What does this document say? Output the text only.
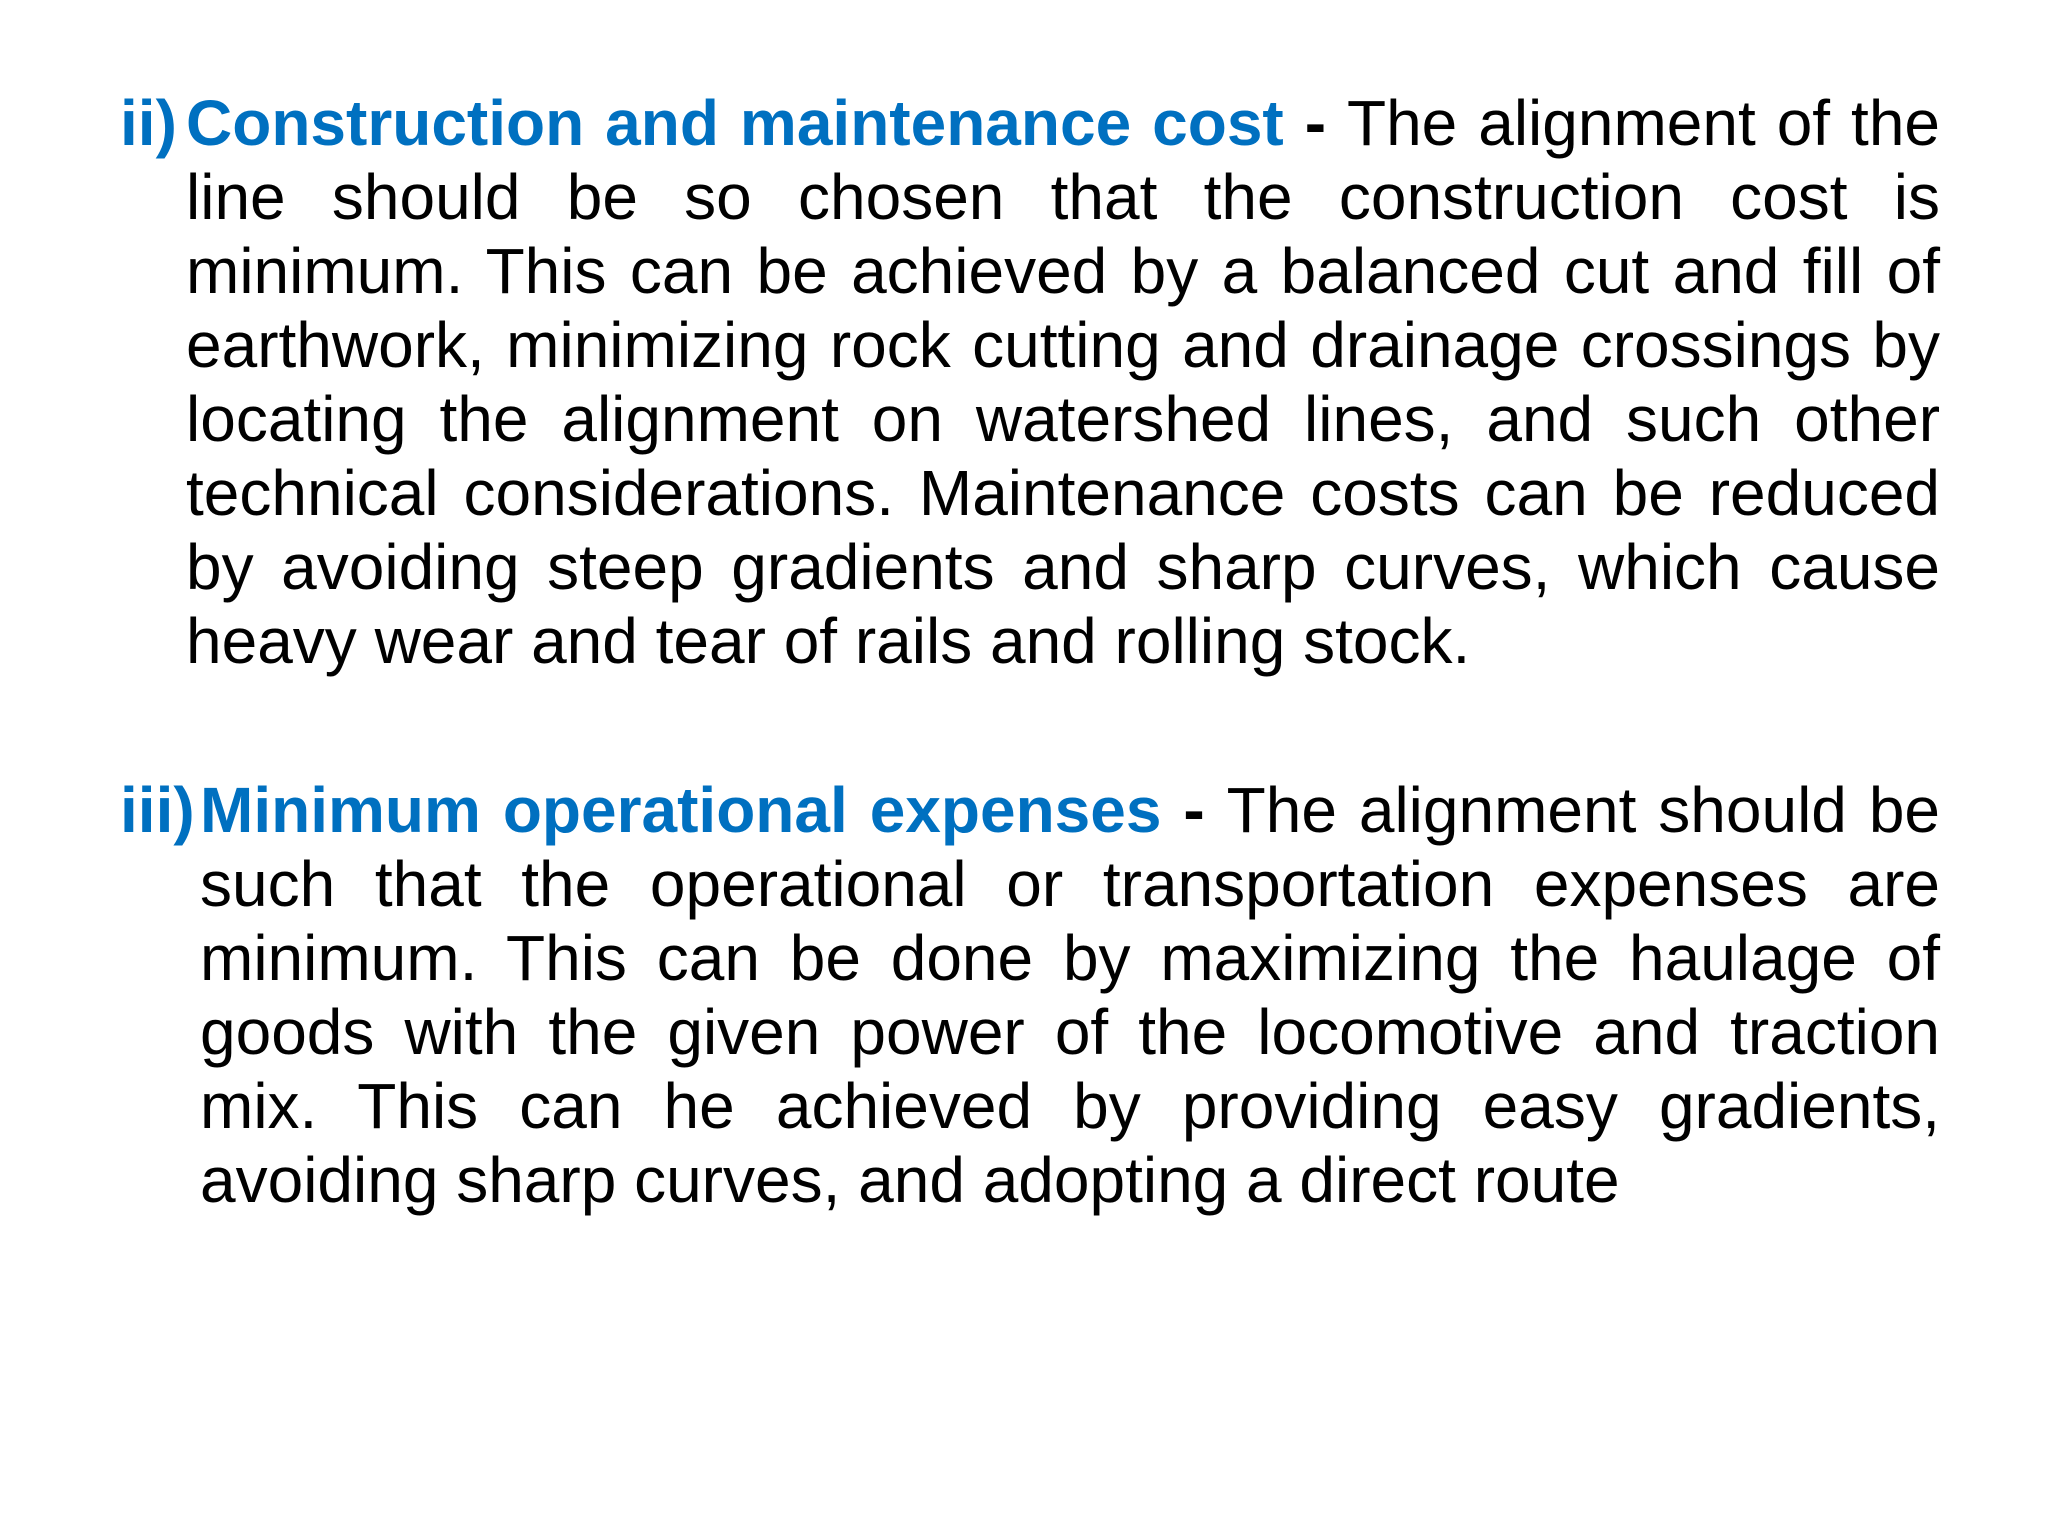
ii) Construction and maintenance cost - The alignment of the line should be so chosen that the construction cost is minimum. This can be achieved by a balanced cut and fill of earthwork, minimizing rock cutting and drainage crossings by locating the alignment on watershed lines, and such other technical considerations. Maintenance costs can be reduced by avoiding steep gradients and sharp curves, which cause heavy wear and tear of rails and rolling stock.
iii) Minimum operational expenses - The alignment should be such that the operational or transportation expenses are minimum. This can be done by maximizing the haulage of goods with the given power of the locomotive and traction mix. This can he achieved by providing easy gradients, avoiding sharp curves, and adopting a direct route
